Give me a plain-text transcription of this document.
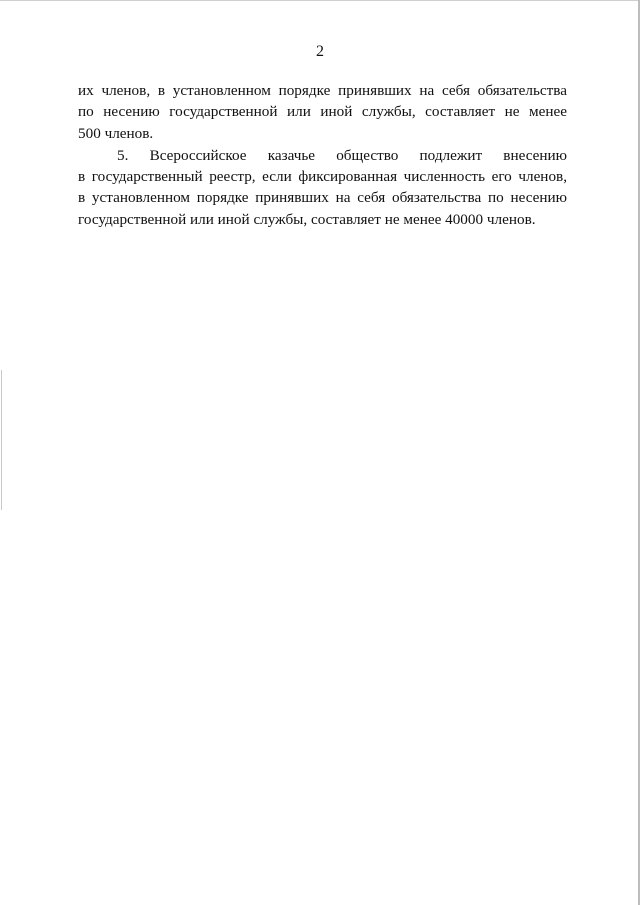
2
их членов, в установленном порядке принявших на себя обязательства
по несению государственной или иной службы, составляет не менее
500 членов.
5. Всероссийское казачье общество подлежит внесению
в государственный реестр, если фиксированная численность его членов,
в установленном порядке принявших на себя обязательства по несению
государственной или иной службы, составляет не менее 40000 членов.
